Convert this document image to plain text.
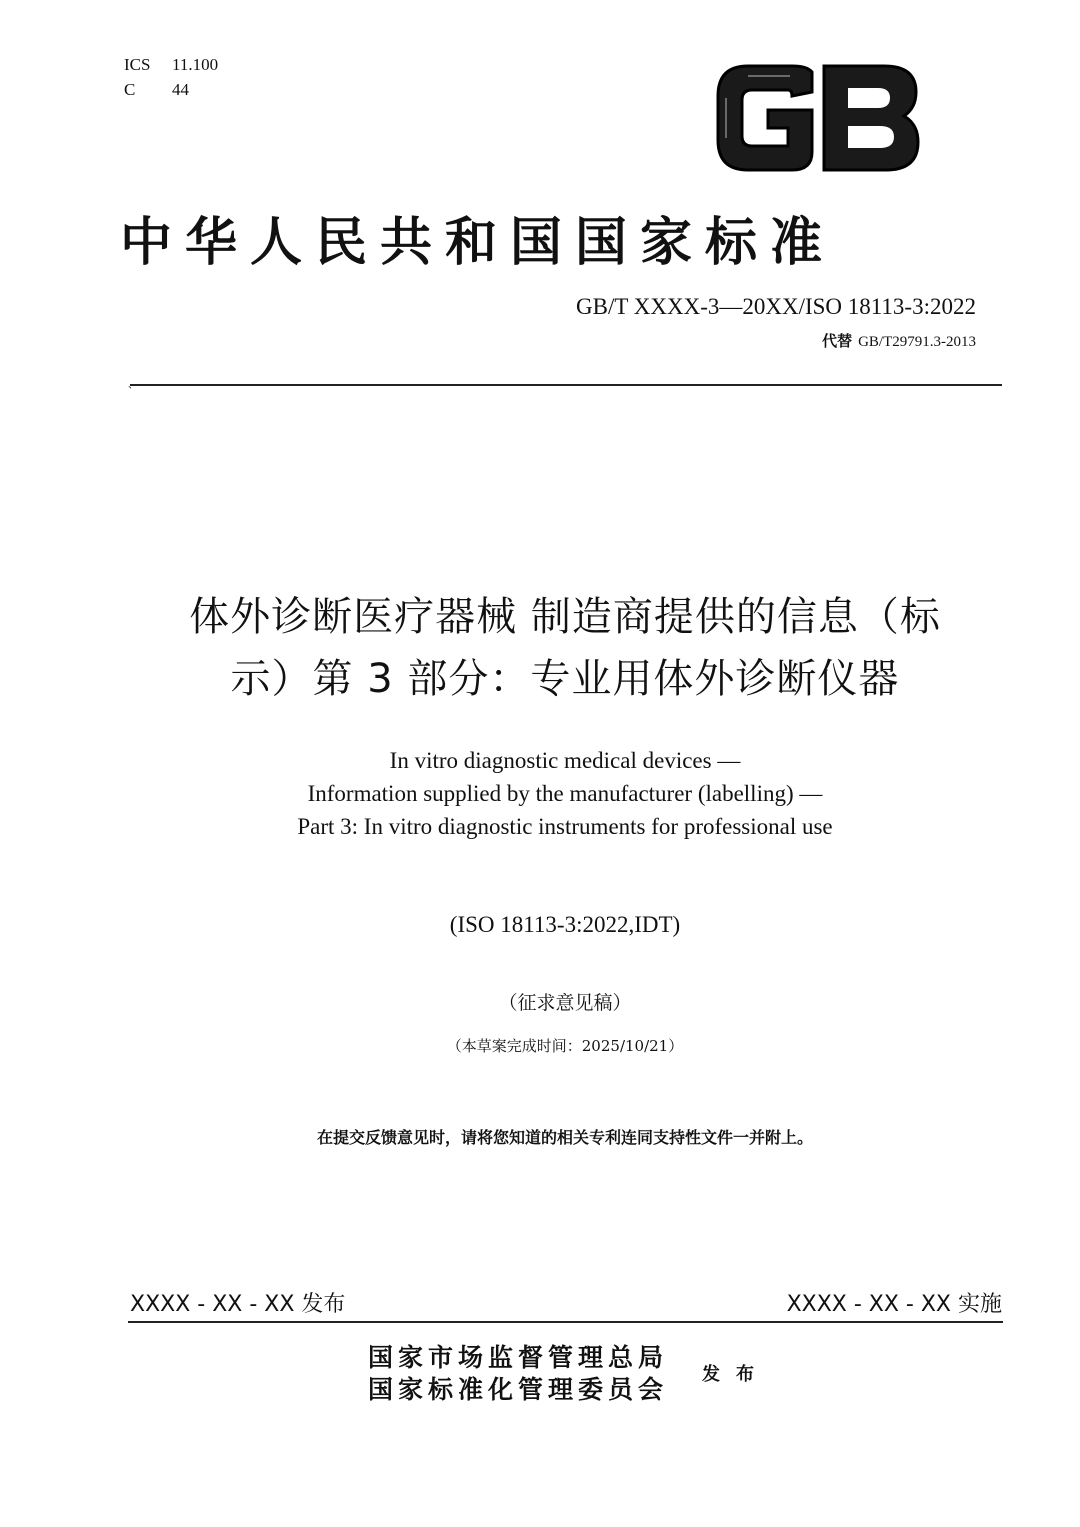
ICS	11.100
C	44
中华人民共和国国家标准
GB/T XXXX-3—20XX/ISO 18113-3:2022
代替 GB/T29791.3-2013
、
体外诊断医疗器械 制造商提供的信息（标
示）第 3 部分：专业用体外诊断仪器
In vitro diagnostic medical devices —
Information supplied by the manufacturer (labelling) —
Part 3: In vitro diagnostic instruments for professional use
(ISO 18113-3:2022,IDT)
（征求意见稿）
（本草案完成时间：2025/10/21）
在提交反馈意见时，请将您知道的相关专利连同支持性文件一并附上。
XXXX - XX - XX 发布	XXXX - XX - XX 实施
国家市场监督管理总局
国家标准化管理委员会
发布
